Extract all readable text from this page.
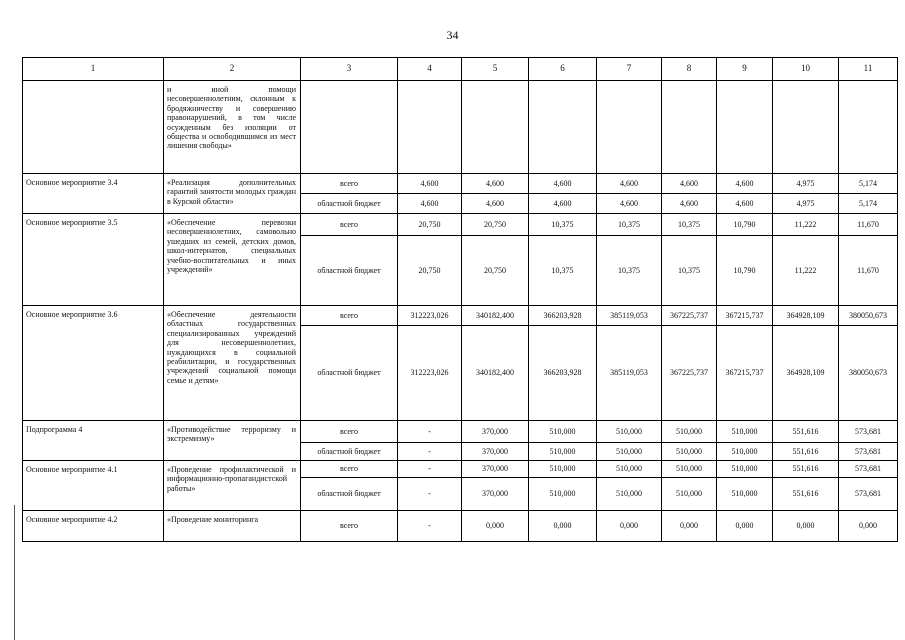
34
1	2	3	4	5	6	7	8	9	10	11
	и иной помощи несовершеннолетним, склонным к бродяжничеству и совершению правонарушений, в том числе осужденным без изоляции от общества и освободившимся из мест лишения свободы»									
Основное мероприятие 3.4	«Реализация дополнительных гарантий занятости молодых граждан в Курской области»	всего	4,600	4,600	4,600	4,600	4,600	4,600	4,975	5,174
		областной бюджет	4,600	4,600	4,600	4,600	4,600	4,600	4,975	5,174
Основное мероприятие 3.5	«Обеспечение перевозки несовершеннолетних, самовольно ушедших из семей, детских домов, школ-интернатов, специальных учебно-воспитательных и иных учреждений»	всего	20,750	20,750	10,375	10,375	10,375	10,790	11,222	11,670
		областной бюджет	20,750	20,750	10,375	10,375	10,375	10,790	11,222	11,670
Основное мероприятие 3.6	«Обеспечение деятельности областных государственных специализированных учреждений для несовершеннолетних, нуждающихся в социальной реабилитации, и государственных учреждений социальной помощи семье и детям»	всего	312223,026	340182,400	366203,928	385119,053	367225,737	367215,737	364928,109	380050,673
		областной бюджет	312223,026	340182,400	366203,928	385119,053	367225,737	367215,737	364928,109	380050,673
Подпрограмма 4	«Противодействие терроризму и экстремизму»	всего	-	370,000	510,000	510,000	510,000	510,000	551,616	573,681
		областной бюджет	-	370,000	510,000	510,000	510,000	510,000	551,616	573,681
Основное мероприятие 4.1	«Проведение профилактической и информационно-пропагандистской работы»	всего	-	370,000	510,000	510,000	510,000	510,000	551,616	573,681
		областной бюджет	-	370,000	510,000	510,000	510,000	510,000	551,616	573,681
Основное мероприятие 4.2	«Проведение мониторинга	всего	-	0,000	0,000	0,000	0,000	0,000	0,000	0,000
